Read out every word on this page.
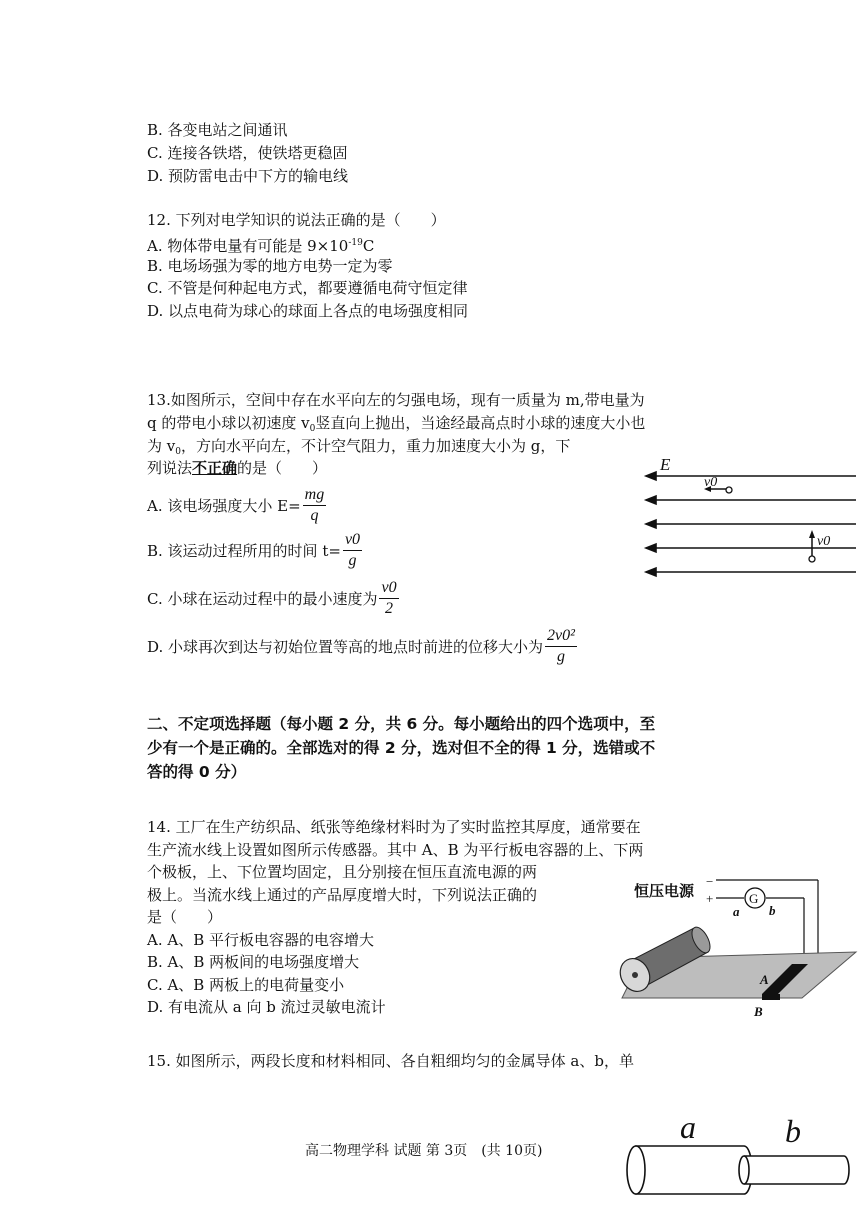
B. 各变电站之间通讯
C. 连接各铁塔，使铁塔更稳固
D. 预防雷电击中下方的输电线
12. 下列对电学知识的说法正确的是（　　）
A. 物体带电量有可能是 $9\times 10^{-19}C$
B. 电场场强为零的地方电势一定为零
C. 不管是何种起电方式，都要遵循电荷守恒定律
D. 以点电荷为球心的球面上各点的电场强度相同
13.如图所示，空间中存在水平向左的匀强电场，现有一质量为 m,带电量为
q 的带电小球以初速度 $v_0$竖直向上抛出，当途经最高点时小球的速度大小也
为 $v_0$，方向水平向左，不计空气阻力，重力加速度大小为 g，下
列说法不正确的是（　　）
A. 该电场强度大小 $E= \frac{mg}{q}$
B. 该运动过程所用的时间 $t= \frac{v0}{g}$
C. 小球在运动过程中的最小速度为 $\frac{v0}{2}$
D. 小球再次到达与初始位置等高的地点时前进的位移大小为 $\frac{\text{2v0²}}{g}$
E
v0
v0
二、不定项选择题（每小题 2 分，共 6 分。每小题给出的四个选项中，至
少有一个是正确的。全部选对的得 2 分，选对但不全的得 1 分，选错或不
答的得 0 分）
14. 工厂在生产纺织品、纸张等绝缘材料时为了实时监控其厚度，通常要在
生产流水线上设置如图所示传感器。其中 A、B 为平行板电容器的上、下两
个极板，上、下位置均固定，且分别接在恒压直流电源的两
极上。当流水线上通过的产品厚度增大时，下列说法正确的
是（　　）
A. A、B 平行板电容器的电容增大
B. A、B 两板间的电场强度增大
C. A、B 两板上的电荷量变小
D. 有电流从 a 向 b 流过灵敏电流计
恒压电源
−
+	G
a b
A
B
15. 如图所示，两段长度和材料相同、各自粗细均匀的金属导体 a、b，单
a	b
高二物理学科 试题 第 3页　(共 10页)
